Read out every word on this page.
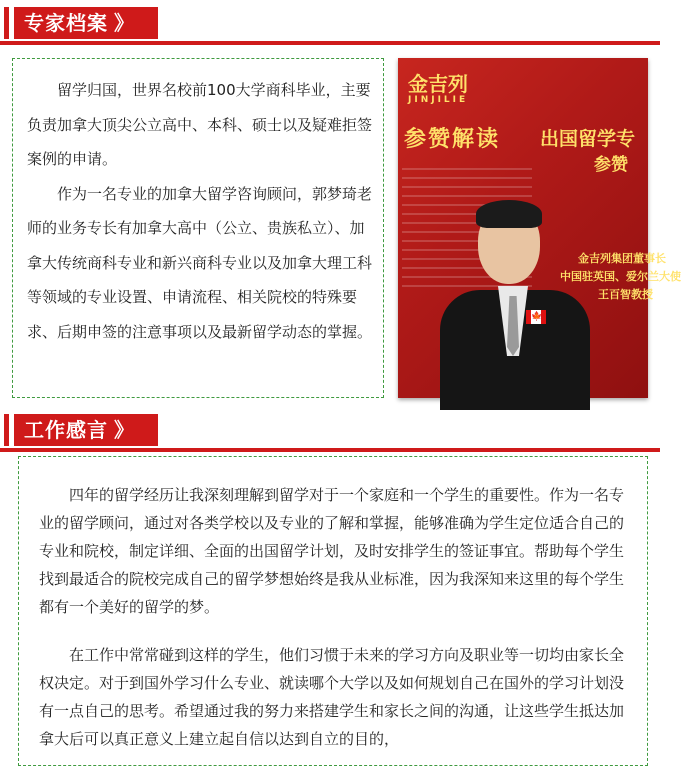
专家档案 》

留学归国，世界名校前100大学商科毕业，主要负责加拿大顶尖公立高中、本科、硕士以及疑难拒签案例的申请。

作为一名专业的加拿大留学咨询顾问，郭梦琦老师的业务专长有加拿大高中（公立、贵族私立）、加拿大传统商科专业和新兴商科专业以及加拿大理工科等领域的专业设置、申请流程、相关院校的特殊要求、后期申签的注意事项以及最新留学动态的掌握。

金吉列
JINJILIE
参赞解读 出国留学专
参赞
金吉列集团董事长
中国驻英国、爱尔兰大使
王百智教授
🍁
工作感言 》

四年的留学经历让我深刻理解到留学对于一个家庭和一个学生的重要性。作为一名专业的留学顾问，通过对各类学校以及专业的了解和掌握，能够准确为学生定位适合自己的专业和院校，制定详细、全面的出国留学计划，及时安排学生的签证事宜。帮助每个学生找到最适合的院校完成自己的留学梦想始终是我从业标准，因为我深知来这里的每个学生都有一个美好的留学的梦。

在工作中常常碰到这样的学生，他们习惯于未来的学习方向及职业等一切均由家长全权决定。对于到国外学习什么专业、就读哪个大学以及如何规划自己在国外的学习计划没有一点自己的思考。希望通过我的努力来搭建学生和家长之间的沟通，让这些学生抵达加拿大后可以真正意义上建立起自信以达到自立的目的，
